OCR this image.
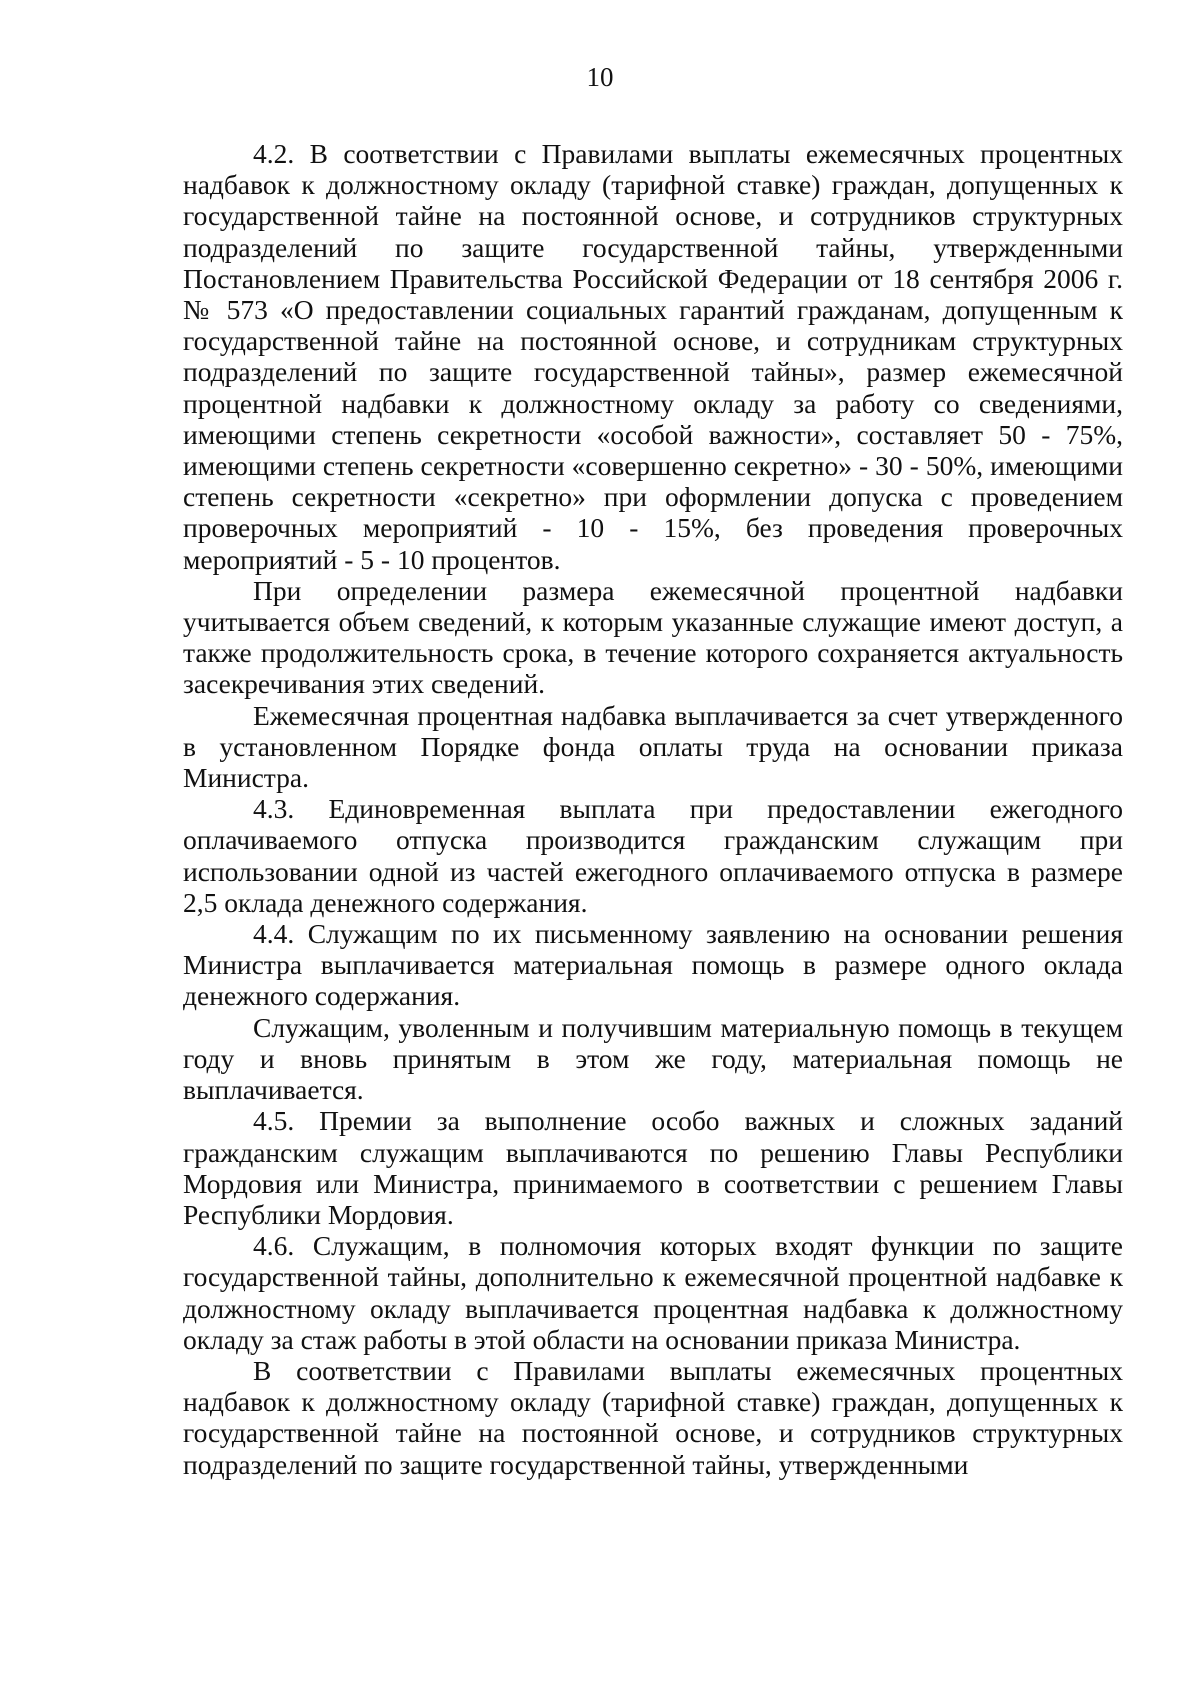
10

4.2. В соответствии с Правилами выплаты ежемесячных процентных надбавок к должностному окладу (тарифной ставке) граждан, допущенных к государственной тайне на постоянной основе, и сотрудников структурных подразделений по защите государственной тайны, утвержденными Постановлением Правительства Российской Федерации от 18 сентября 2006 г. № 573 «О предоставлении социальных гарантий гражданам, допущенным к государственной тайне на постоянной основе, и сотрудникам структурных подразделений по защите государственной тайны», размер ежемесячной процентной надбавки к должностному окладу за работу со сведениями, имеющими степень секретности «особой важности», составляет 50 - 75%, имеющими степень секретности «совершенно секретно» - 30 - 50%, имеющими степень секретности «секретно» при оформлении допуска с проведением проверочных мероприятий - 10 - 15%, без проведения проверочных мероприятий - 5 - 10 процентов.

При определении размера ежемесячной процентной надбавки учитывается объем сведений, к которым указанные служащие имеют доступ, а также продолжительность срока, в течение которого сохраняется актуальность засекречивания этих сведений.

Ежемесячная процентная надбавка выплачивается за счет утвержденного в установленном Порядке фонда оплаты труда на основании приказа Министра.

4.3. Единовременная выплата при предоставлении ежегодного оплачиваемого отпуска производится гражданским служащим при использовании одной из частей ежегодного оплачиваемого отпуска в размере 2,5 оклада денежного содержания.

4.4. Служащим по их письменному заявлению на основании решения Министра выплачивается материальная помощь в размере одного оклада денежного содержания.

Служащим, уволенным и получившим материальную помощь в текущем году и вновь принятым в этом же году, материальная помощь не выплачивается.

4.5. Премии за выполнение особо важных и сложных заданий гражданским служащим выплачиваются по решению Главы Республики Мордовия или Министра, принимаемого в соответствии с решением Главы Республики Мордовия.

4.6. Служащим, в полномочия которых входят функции по защите государственной тайны, дополнительно к ежемесячной процентной надбавке к должностному окладу выплачивается процентная надбавка к должностному окладу за стаж работы в этой области на основании приказа Министра.

В соответствии с Правилами выплаты ежемесячных процентных надбавок к должностному окладу (тарифной ставке) граждан, допущенных к государственной тайне на постоянной основе, и сотрудников структурных подразделений по защите государственной тайны, утвержденными
